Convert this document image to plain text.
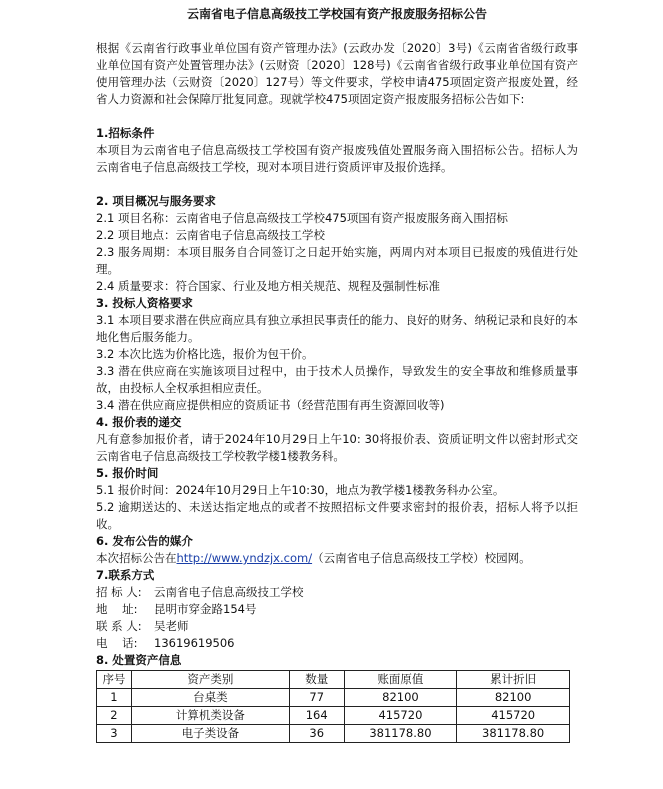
云南省电子信息高级技工学校国有资产报废服务招标公告

根据《云南省行政事业单位国有资产管理办法》(云政办发〔2020〕3号)《云南省省级行政事业单位国有资产处置管理办法》(云财资〔2020〕128号)《云南省省级行政事业单位国有资产使用管理办法（云财资〔2020〕127号）等文件要求，学校申请475项固定资产报废处置，经省人力资源和社会保障厅批复同意。现就学校475项固定资产报废服务招标公告如下:

1.招标条件

本项目为云南省电子信息高级技工学校国有资产报废残值处置服务商入围招标公告。招标人为云南省电子信息高级技工学校，现对本项目进行资质评审及报价选择。

2. 项目概况与服务要求

2.1 项目名称：云南省电子信息高级技工学校475项国有资产报废服务商入围招标

2.2 项目地点：云南省电子信息高级技工学校

2.3 服务周期：本项目服务自合同签订之日起开始实施，两周内对本项目已报废的残值进行处理。

2.4 质量要求：符合国家、行业及地方相关规范、规程及强制性标准

3. 投标人资格要求

3.1 本项目要求潜在供应商应具有独立承担民事责任的能力、良好的财务、纳税记录和良好的本地化售后服务能力。

3.2 本次比选为价格比选，报价为包干价。

3.3 潜在供应商在实施该项目过程中，由于技术人员操作，导致发生的安全事故和维修质量事故，由投标人全权承担相应责任。

3.4 潜在供应商应提供相应的资质证书（经营范围有再生资源回收等)

4. 报价表的递交

凡有意参加报价者，请于2024年10月29日上午10: 30将报价表、资质证明文件以密封形式交云南省电子信息高级技工学校教学楼1楼教务科。

5. 报价时间

5.1 报价时间：2024年10月29日上午10:30，地点为教学楼1楼教务科办公室。

5.2 逾期送达的、未送达指定地点的或者不按照招标文件要求密封的报价表，招标人将予以拒收。

6. 发布公告的媒介

本次招标公告在http://www.yndzjx.com/（云南省电子信息高级技工学校）校园网。

7.联系方式

招 标 人: 云南省电子信息高级技工学校

地    址: 昆明市穿金路154号

联 系 人: 吴老师

电    话: 13619619506

8. 处置资产信息

序号	资产类别	数量	账面原值	累计折旧
1	台桌类	77	82100	82100
2	计算机类设备	164	415720	415720
3	电子类设备	36	381178.80	381178.80
